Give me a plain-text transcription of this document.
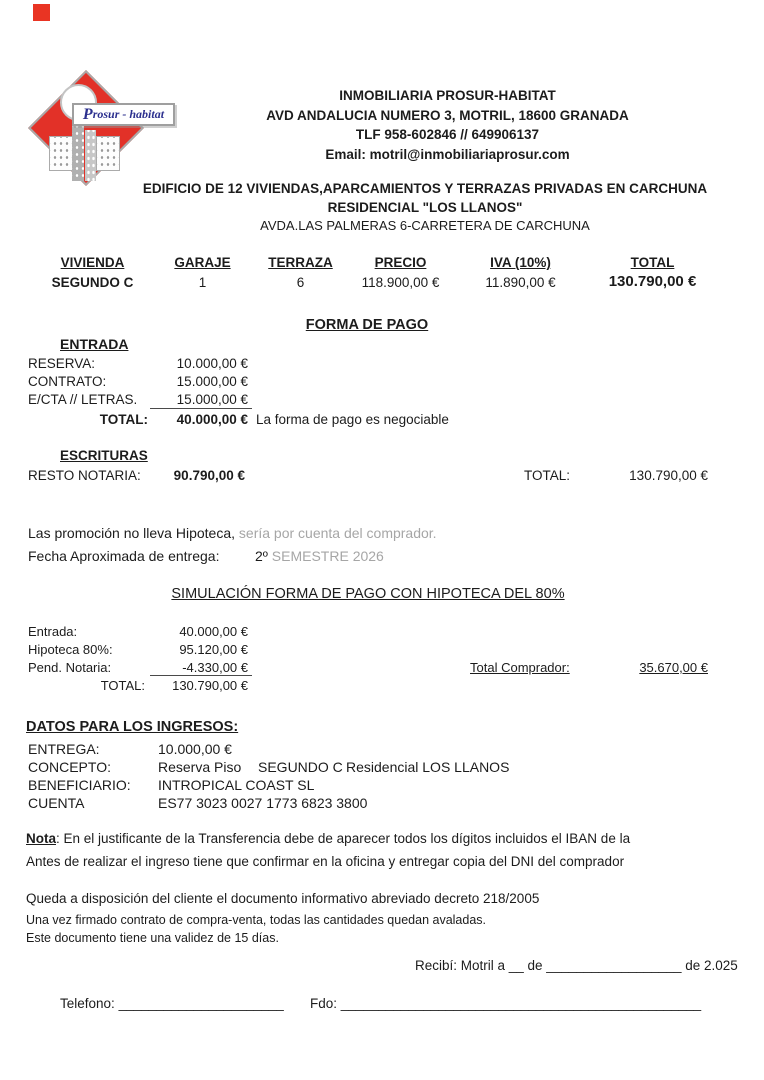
P rosur - habitat
INMOBILIARIA PROSUR-HABITAT
AVD ANDALUCIA NUMERO 3, MOTRIL, 18600 GRANADA
TLF 958-602846 // 649906137
Email: motril@inmobiliariaprosur.com
EDIFICIO DE 12 VIVIENDAS,APARCAMIENTOS Y TERRAZAS PRIVADAS EN CARCHUNA
RESIDENCIAL "LOS LLANOS"
AVDA.LAS PALMERAS 6-CARRETERA DE CARCHUNA
VIVIENDA	GARAJE	TERRAZA	PRECIO	IVA (10%)	TOTAL
SEGUNDO C	1	6	118.900,00 €	11.890,00 €	130.790,00 €
FORMA DE PAGO
ENTRADA
RESERVA:	10.000,00 €
CONTRATO:	15.000,00 €
E/CTA // LETRAS.	15.000,00 €
TOTAL:	40.000,00 € La forma de pago es negociable
ESCRITURAS
RESTO NOTARIA:	90.790,00 €	TOTAL:	130.790,00 €
Las promoción no lleva Hipoteca, sería por cuenta del comprador.
Fecha Aproximada de entrega:	2º SEMESTRE 2026
SIMULACIÓN FORMA DE PAGO CON HIPOTECA DEL 80%
Entrada:	40.000,00 €
Hipoteca 80%:	95.120,00 €
Pend. Notaria:	-4.330,00 €
TOTAL:	130.790,00 €
Total Comprador:	35.670,00 €
DATOS PARA LOS INGRESOS:
ENTREGA:	10.000,00 €
CONCEPTO:	Reserva Piso SEGUNDO C Residencial LOS LLANOS
BENEFICIARIO: INTROPICAL COAST SL
CUENTA	ES77 3023 0027 1773 6823 3800
Nota: En el justificante de la Transferencia debe de aparecer todos los dígitos incluidos el IBAN de la
Antes de realizar el ingreso tiene que confirmar en la oficina y entregar copia del DNI del comprador
Queda a disposición del cliente el documento informativo abreviado decreto 218/2005
Una vez firmado contrato de compra-venta, todas las cantidades quedan avaladas.
Este documento tiene una validez de 15 días.
Recibí: Motril a __ de __________________ de 2.025
Telefono: ______________________ Fdo: ________________________________________________
